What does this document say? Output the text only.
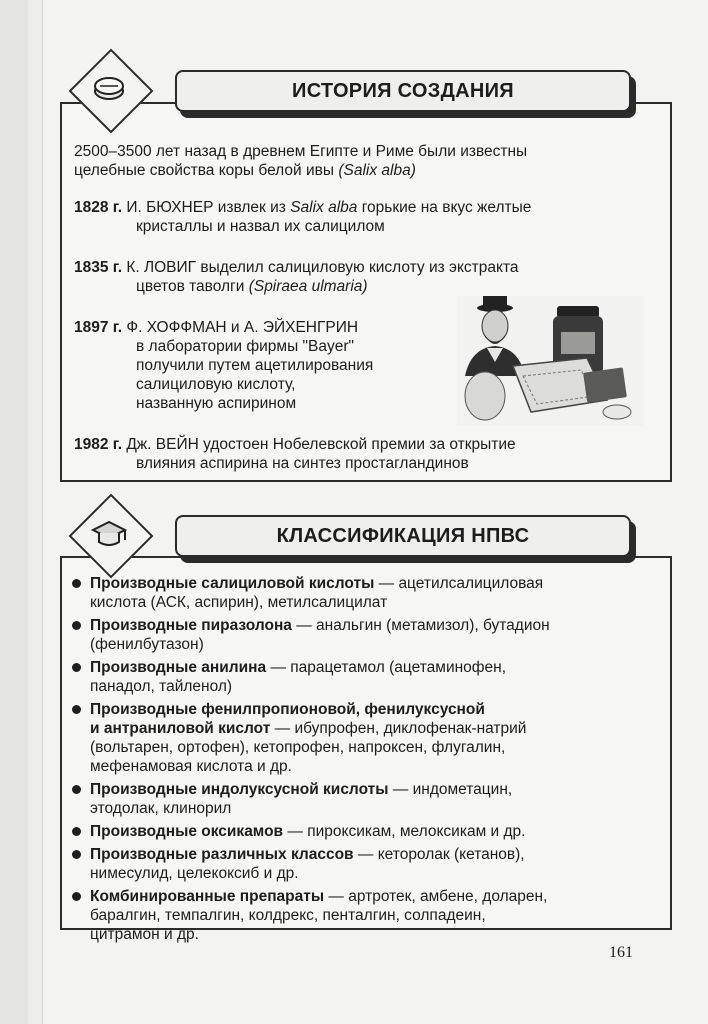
ИСТОРИЯ СОЗДАНИЯ
2500–3500 лет назад в древнем Египте и Риме были известны
целебные свойства коры белой ивы (Salix alba)
1828 г. И. БЮХНЕР извлек из Salix alba горькие на вкус желтые
кристаллы и назвал их салицилом
1835 г. К. ЛОВИГ выделил салициловую кислоту из экстракта
цветов таволги (Spiraea ulmaria)
1897 г. Ф. ХОФФМАН и А. ЭЙХЕНГРИН
в лаборатории фирмы "Bayer"
получили путем ацетилирования
салициловую кислоту,
названную аспирином
1982 г. Дж. ВЕЙН удостоен Нобелевской премии за открытие
влияния аспирина на синтез простагландинов
КЛАССИФИКАЦИЯ НПВС
Производные салициловой кислоты — ацетилсалициловая
кислота (АСК, аспирин), метилсалицилат
Производные пиразолона — анальгин (метамизол), бутадион
(фенилбутазон)
Производные анилина — парацетамол (ацетаминофен,
панадол, тайленол)
Производные фенилпропионовой, фенилуксусной
и антраниловой кислот — ибупрофен, диклофенак-натрий
(вольтарен, ортофен), кетопрофен, напроксен, флугалин,
мефенамовая кислота и др.
Производные индолуксусной кислоты — индометацин,
этодолак, клинорил
Производные оксикамов — пироксикам, мелоксикам и др.
Производные различных классов — кеторолак (кетанов),
нимесулид, целекоксиб и др.
Комбинированные препараты — артротек, амбене, доларен,
баралгин, темпалгин, колдрекс, пенталгин, солпадеин,
цитрамон и др.
161
